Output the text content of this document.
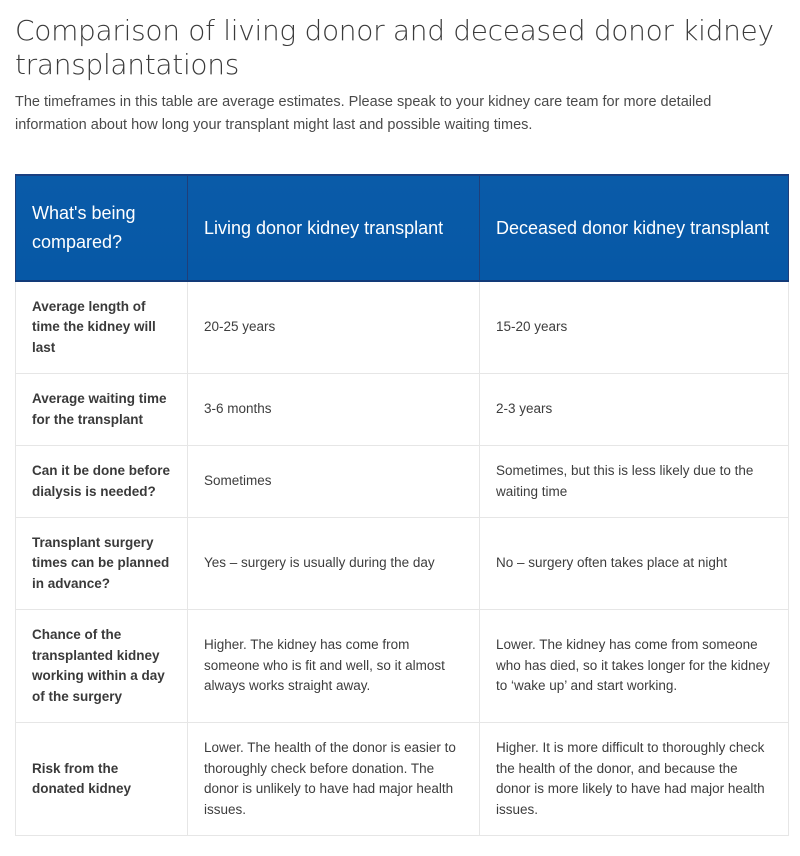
Comparison of living donor and deceased donor kidney transplantations

The timeframes in this table are average estimates. Please speak to your kidney care team for more detailed information about how long your transplant might last and possible waiting times.

What's being compared?	Living donor kidney transplant	Deceased donor kidney transplant
Average length of time the kidney will last	20-25 years	15-20 years
Average waiting time for the transplant	3-6 months	2-3 years
Can it be done before dialysis is needed?	Sometimes	Sometimes, but this is less likely due to the waiting time
Transplant surgery times can be planned in advance?	Yes – surgery is usually during the day	No – surgery often takes place at night
Chance of the transplanted kidney working within a day of the surgery	Higher. The kidney has come from someone who is fit and well, so it almost always works straight away.	Lower. The kidney has come from someone who has died, so it takes longer for the kidney to ‘wake up’ and start working.
Risk from the donated kidney	Lower. The health of the donor is easier to thoroughly check before donation. The donor is unlikely to have had major health issues.	Higher. It is more difficult to thoroughly check the health of the donor, and because the donor is more likely to have had major health issues.
